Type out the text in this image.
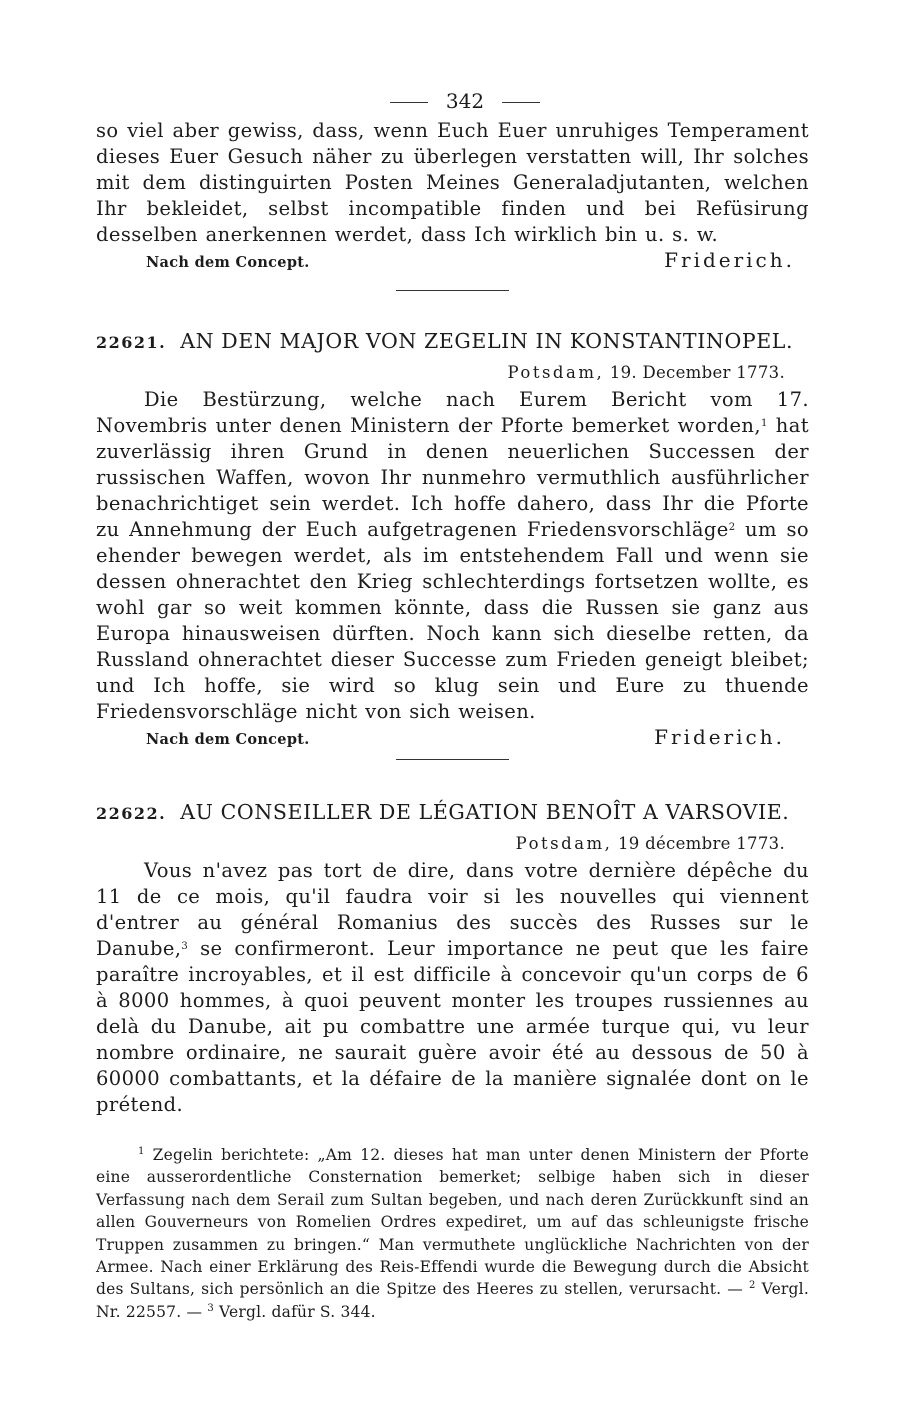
342

so viel aber gewiss, dass, wenn Euch Euer unruhiges Temperament dieses Euer Gesuch näher zu überlegen verstatten will, Ihr solches mit dem distinguirten Posten Meines Generaladjutanten, welchen Ihr bekleidet, selbst incompatible finden und bei Refüsirung desselben anerkennen werdet, dass Ich wirklich bin u. s. w.

Nach dem Concept.	Friderich.
22621. AN DEN MAJOR VON ZEGELIN IN KONSTANTINOPEL.
Potsdam, 19. December 1773.

Die Bestürzung, welche nach Eurem Bericht vom 17. Novembris unter denen Ministern der Pforte bemerket worden,$^1$ hat zuverlässig ihren Grund in denen neuerlichen Successen der russischen Waffen, wovon Ihr nunmehro vermuthlich ausführlicher benachrichtiget sein werdet. Ich hoffe dahero, dass Ihr die Pforte zu Annehmung der Euch aufgetragenen Friedensvorschläge$^2$ um so ehender bewegen werdet, als im entstehendem Fall und wenn sie dessen ohnerachtet den Krieg schlechterdings fortsetzen wollte, es wohl gar so weit kommen könnte, dass die Russen sie ganz aus Europa hinausweisen dürften. Noch kann sich dieselbe retten, da Russland ohnerachtet dieser Successe zum Frieden geneigt bleibet; und Ich hoffe, sie wird so klug sein und Eure zu thuende Friedensvorschläge nicht von sich weisen.

Nach dem Concept.	Friderich.
22622. AU CONSEILLER DE LÉGATION BENOÎT A VARSOVIE.
Potsdam, 19 décembre 1773.

Vous n'avez pas tort de dire, dans votre dernière dépêche du 11 de ce mois, qu'il faudra voir si les nouvelles qui viennent d'entrer au général Romanius des succès des Russes sur le Danube,$^3$ se confirmeront. Leur importance ne peut que les faire paraître incroyables, et il est difficile à concevoir qu'un corps de 6 à 8000 hommes, à quoi peuvent monter les troupes russiennes au delà du Danube, ait pu combattre une armée turque qui, vu leur nombre ordinaire, ne saurait guère avoir été au dessous de 50 à 60000 combattants, et la défaire de la manière signalée dont on le prétend.

$^1$ Zegelin berichtete: „Am 12. dieses hat man unter denen Ministern der Pforte eine ausserordentliche Consternation bemerket; selbige haben sich in dieser Verfassung nach dem Serail zum Sultan begeben, und nach deren Zurückkunft sind an allen Gouverneurs von Romelien Ordres expediret, um auf das schleunigste frische Truppen zusammen zu bringen.“ Man vermuthete unglückliche Nachrichten von der Armee. Nach einer Erklärung des Reis-Effendi wurde die Bewegung durch die Absicht des Sultans, sich persönlich an die Spitze des Heeres zu stellen, verursacht. — $^2$ Vergl. Nr. 22557. — $^3$ Vergl. dafür S. 344.
